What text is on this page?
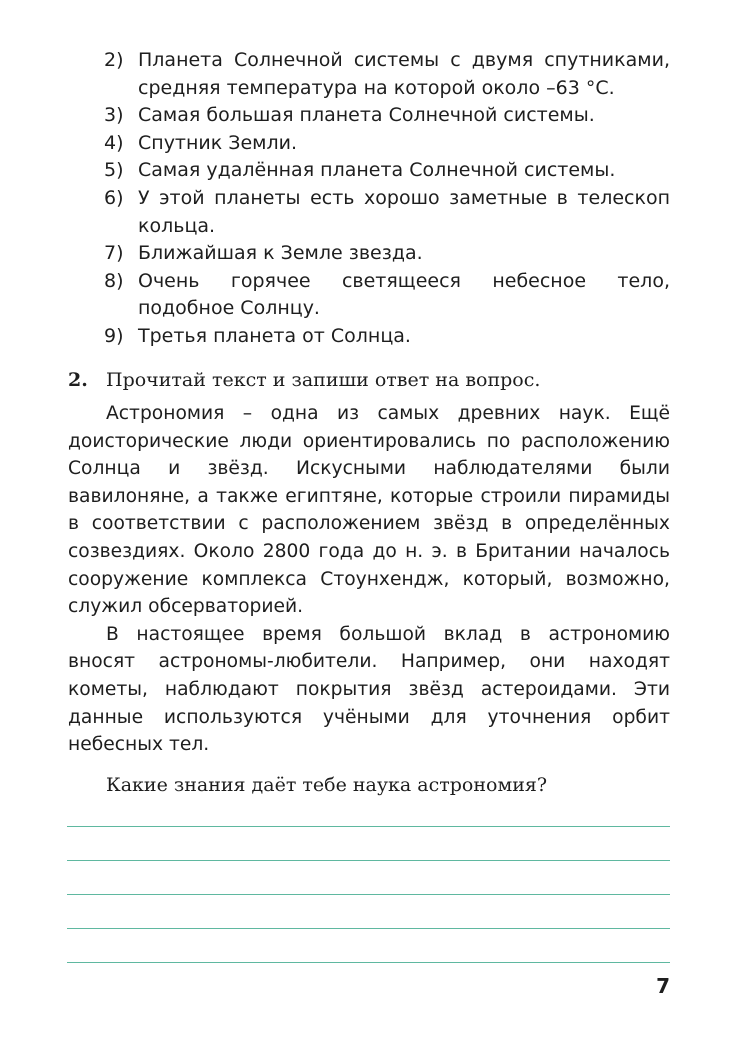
2) Планета Солнечной системы с двумя спутниками, средняя температура на которой около –63 °С.
3) Самая большая планета Солнечной системы.
4) Спутник Земли.
5) Самая удалённая планета Солнечной системы.
6) У этой планеты есть хорошо заметные в телескоп кольца.
7) Ближайшая к Земле звезда.
8) Очень горячее светящееся небесное тело, подобное Солнцу.
9) Третья планета от Солнца.
2. Прочитай текст и запиши ответ на вопрос.

Астрономия – одна из самых древних наук. Ещё доисторические люди ориентировались по расположению Солнца и звёзд. Искусными наблюдателями были вавилоняне, а также египтяне, которые строили пирамиды в соответствии с расположением звёзд в определённых созвездиях. Около 2800 года до н. э. в Британии началось сооружение комплекса Стоунхендж, который, возможно, служил обсерваторией.

В настоящее время большой вклад в астрономию вносят астрономы-любители. Например, они находят кометы, наблюдают покрытия звёзд астероидами. Эти данные используются учёными для уточнения орбит небесных тел.

Какие знания даёт тебе наука астрономия?
7
